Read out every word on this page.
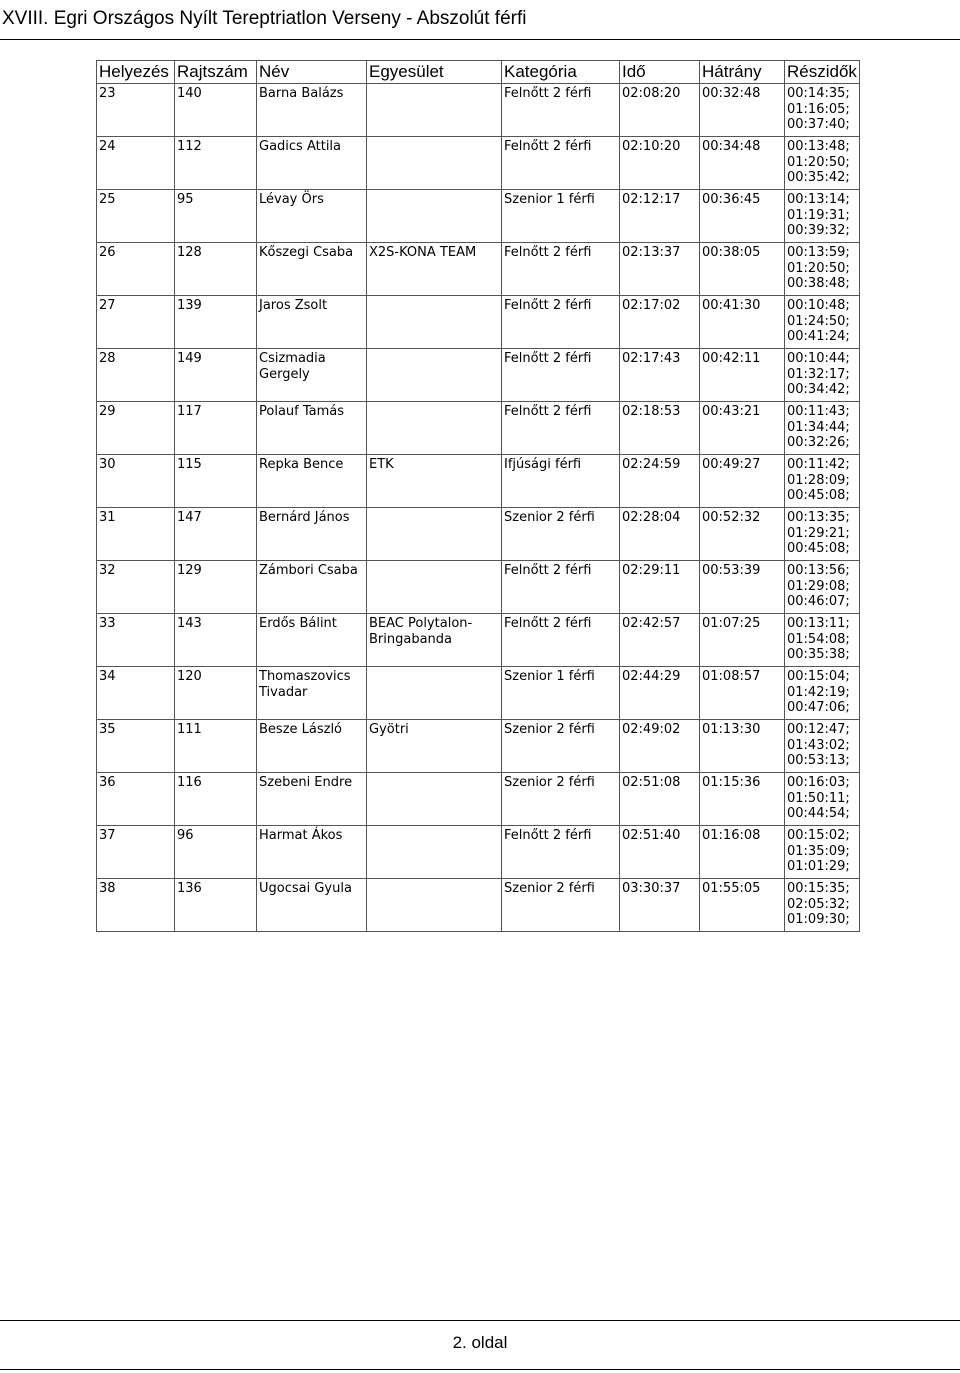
XVIII. Egri Országos Nyílt Tereptriatlon Verseny - Abszolút férfi
Helyezés	Rajtszám	Név	Egyesület	Kategória	Idő	Hátrány	Részidők
23	140	Barna Balázs		Felnőtt 2 férfi	02:08:20	00:32:48	00:14:35;
01:16:05;
00:37:40;
24	112	Gadics Attila		Felnőtt 2 férfi	02:10:20	00:34:48	00:13:48;
01:20:50;
00:35:42;
25	95	Lévay Örs		Szenior 1 férfi	02:12:17	00:36:45	00:13:14;
01:19:31;
00:39:32;
26	128	Kőszegi Csaba	X2S-KONA TEAM	Felnőtt 2 férfi	02:13:37	00:38:05	00:13:59;
01:20:50;
00:38:48;
27	139	Jaros Zsolt		Felnőtt 2 férfi	02:17:02	00:41:30	00:10:48;
01:24:50;
00:41:24;
28	149	Csizmadia Gergely		Felnőtt 2 férfi	02:17:43	00:42:11	00:10:44;
01:32:17;
00:34:42;
29	117	Polauf Tamás		Felnőtt 2 férfi	02:18:53	00:43:21	00:11:43;
01:34:44;
00:32:26;
30	115	Repka Bence	ETK	Ifjúsági férfi	02:24:59	00:49:27	00:11:42;
01:28:09;
00:45:08;
31	147	Bernárd János		Szenior 2 férfi	02:28:04	00:52:32	00:13:35;
01:29:21;
00:45:08;
32	129	Zámbori Csaba		Felnőtt 2 férfi	02:29:11	00:53:39	00:13:56;
01:29:08;
00:46:07;
33	143	Erdős Bálint	BEAC Polytalon-Bringabanda	Felnőtt 2 férfi	02:42:57	01:07:25	00:13:11;
01:54:08;
00:35:38;
34	120	Thomaszovics Tivadar		Szenior 1 férfi	02:44:29	01:08:57	00:15:04;
01:42:19;
00:47:06;
35	111	Besze László	Gyötri	Szenior 2 férfi	02:49:02	01:13:30	00:12:47;
01:43:02;
00:53:13;
36	116	Szebeni Endre		Szenior 2 férfi	02:51:08	01:15:36	00:16:03;
01:50:11;
00:44:54;
37	96	Harmat Ákos		Felnőtt 2 férfi	02:51:40	01:16:08	00:15:02;
01:35:09;
01:01:29;
38	136	Ugocsai Gyula		Szenior 2 férfi	03:30:37	01:55:05	00:15:35;
02:05:32;
01:09:30;
2. oldal
